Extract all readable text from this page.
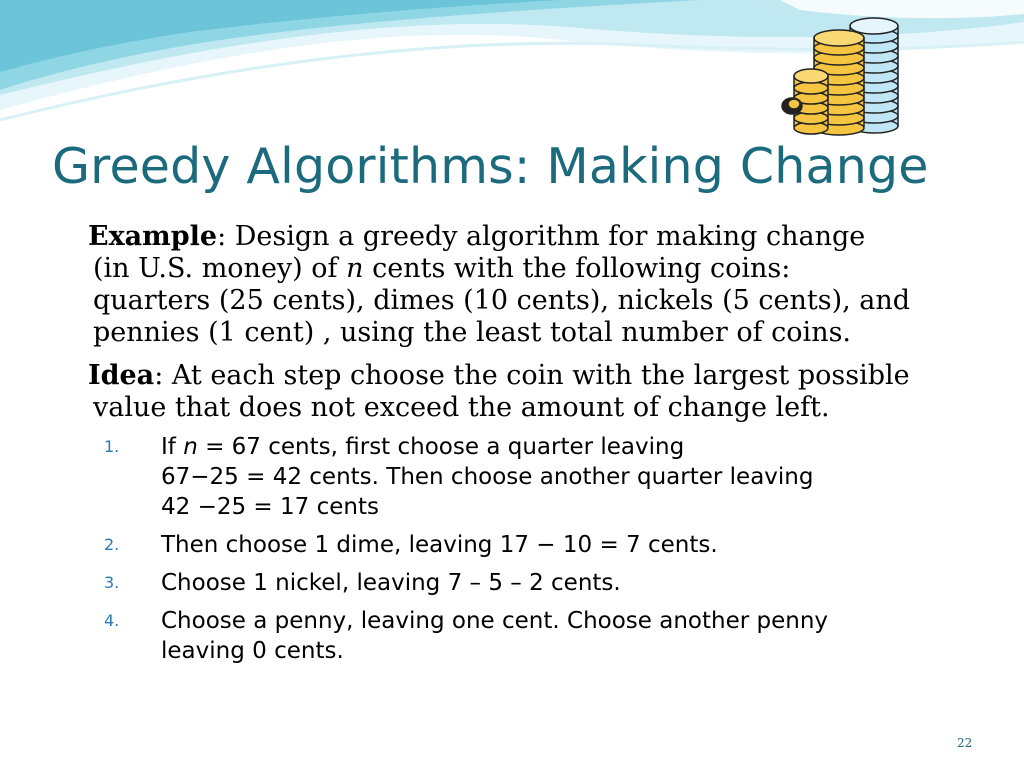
Greedy Algorithms: Making Change
Example: Design a greedy algorithm for making change
(in U.S. money) of n cents with the following coins:
quarters (25 cents), dimes (10 cents), nickels (5 cents), and
pennies (1 cent) , using the least total number of coins.
Idea: At each step choose the coin with the largest possible
value that does not exceed the amount of change left.
1.	If n = 67 cents, first choose a quarter leaving
67−25 = 42 cents. Then choose another quarter leaving
42 −25 = 17 cents
2.	Then choose 1 dime, leaving 17 − 10 = 7 cents.
3.	Choose 1 nickel, leaving 7 – 5 – 2 cents.
4.	Choose a penny, leaving one cent. Choose another penny
leaving 0 cents.
22
